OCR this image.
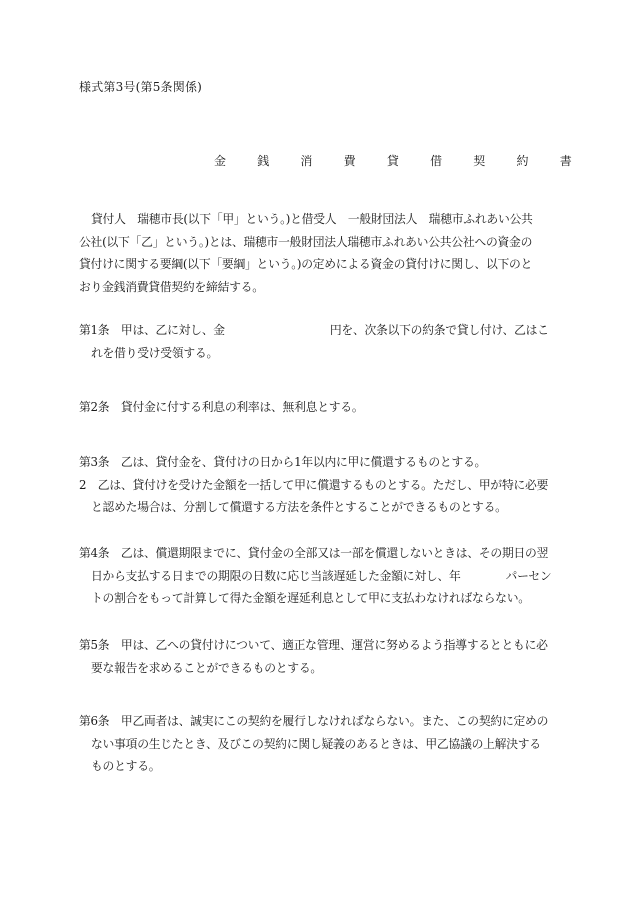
様式第3号(第5条関係)
金 銭 消 費 貸 借 契 約 書
貸付人　瑞穂市長(以下「甲」という。)と借受人　一般財団法人　瑞穂市ふれあい公共
公社(以下「乙」という。)とは、瑞穂市一般財団法人瑞穂市ふれあい公共公社への資金の
貸付けに関する要綱(以下「要綱」という。)の定めによる資金の貸付けに関し、以下のと
おり金銭消費貸借契約を締結する。
第1条　甲は、乙に対し、金	円を、次条以下の約条で貸し付け、乙はこ
れを借り受け受領する。
第2条　貸付金に付する利息の利率は、無利息とする。
第3条　乙は、貸付金を、貸付けの日から1年以内に甲に償還するものとする。
2　乙は、貸付けを受けた金額を一括して甲に償還するものとする。ただし、甲が特に必要
と認めた場合は、分割して償還する方法を条件とすることができるものとする。
第4条　乙は、償還期限までに、貸付金の全部又は一部を償還しないときは、その期日の翌
日から支払する日までの期限の日数に応じ当該遅延した金額に対し、年	パーセン
トの割合をもって計算して得た金額を遅延利息として甲に支払わなければならない。
第5条　甲は、乙への貸付けについて、適正な管理、運営に努めるよう指導するとともに必
要な報告を求めることができるものとする。
第6条　甲乙両者は、誠実にこの契約を履行しなければならない。また、この契約に定めの
ない事項の生じたとき、及びこの契約に関し疑義のあるときは、甲乙協議の上解決する
ものとする。
